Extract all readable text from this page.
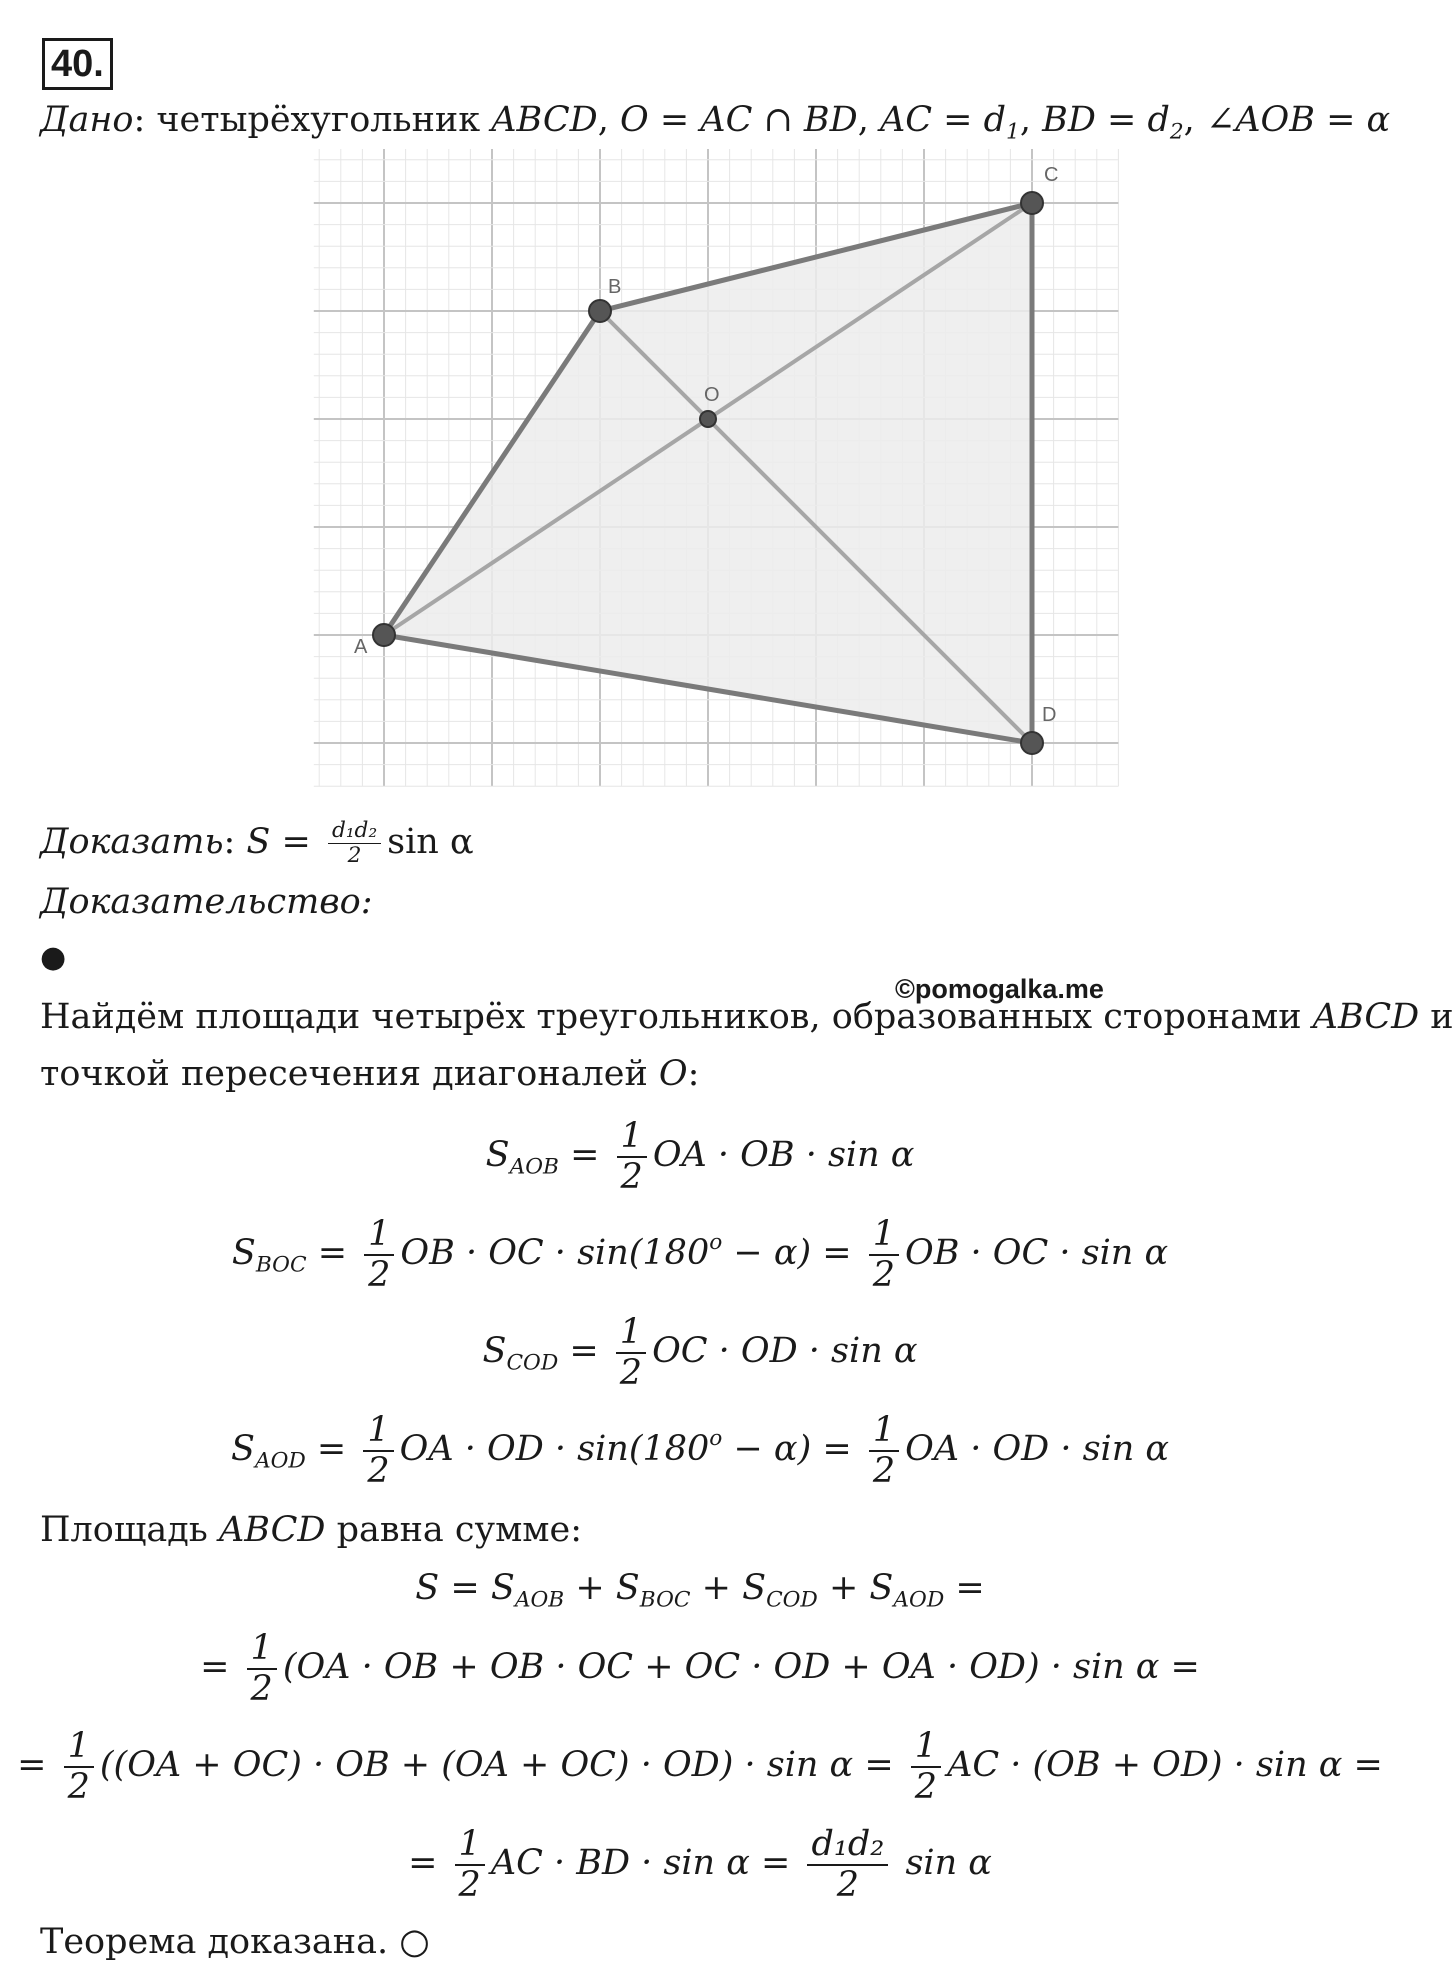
40.
Дано: четырёхугольник ABCD, O = AC ∩ BD, AC = $d_1$, BD = $d_2$, ∠AOB = α
A
B
C
D
O
Доказать: $S = \frac{\text{d₁d₂}}{2}$ sin α
Доказательство:
●
©pomogalka.me
Найдём площади четырёх треугольников, образованных сторонами ABCD и
точкой пересечения диагоналей O:
$S_{AOB} = \frac{1}{2}$ OA · OB · sin α
$S_{BOC} = \frac{1}{2}$ OB · OC · $\sin(180^o - \alpha) = \frac{1}{2}$ OB · OC · sin α
$S_{COD} = \frac{1}{2}$ OC · OD · sin α
$S_{AOD} = \frac{1}{2}$ OA · OD · $\sin(180^o - \alpha) = \frac{1}{2}$ OA · OD · sin α
Площадь ABCD равна сумме:
$S = S_{AOB} + S_{BOC} + S_{COD} + S_{AOD}$ =
= $\frac{1}{2} (OA$ · OB + OB · OC + OC · OD + OA · OD) · sin α =
= $\frac{1}{2} ((OA + OC)$ · OB + $(OA + OC) \cdot OD) \cdot \sin \alpha = \frac{1}{2}$ AC · (OB + OD) · sin α =
= $\frac{1}{2}$ AC · BD · $\sin \alpha = \frac{\text{d₁d₂}}{2}$ sin α
Теорема доказана. ○
